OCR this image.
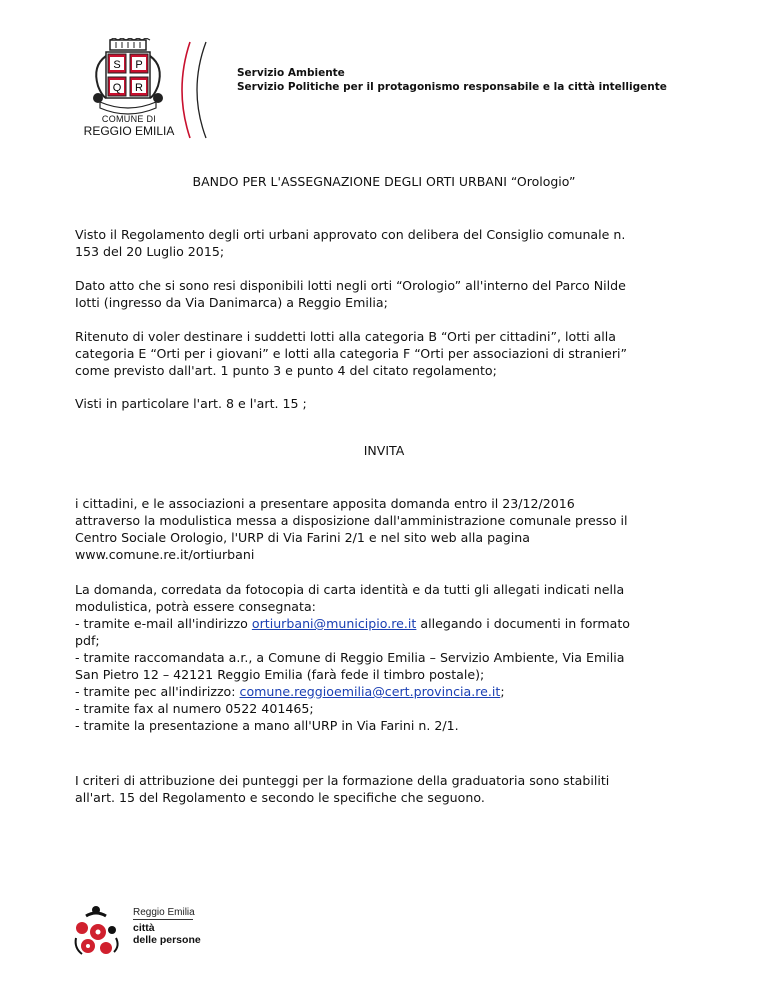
S P
Q R
COMUNE DI
REGGIO EMILIA
Servizio Ambiente
Servizio Politiche per il protagonismo responsabile e la città intelligente
BANDO PER L'ASSEGNAZIONE DEGLI ORTI URBANI “Orologio”

Visto il Regolamento degli orti urbani approvato con delibera del Consiglio comunale n.
153 del 20 Luglio 2015;

Dato atto che si sono resi disponibili lotti negli orti “Orologio” all'interno del Parco Nilde
Iotti (ingresso da Via Danimarca) a Reggio Emilia;

Ritenuto di voler destinare i suddetti lotti alla categoria B “Orti per cittadini”, lotti alla
categoria E “Orti per i giovani” e lotti alla categoria F “Orti per associazioni di stranieri”
come previsto dall'art. 1 punto 3 e punto 4 del citato regolamento;

Visti in particolare l'art. 8 e l'art. 15 ;

INVITA

i cittadini, e le associazioni a presentare apposita domanda entro il 23/12/2016
attraverso la modulistica messa a disposizione dall'amministrazione comunale presso il
Centro Sociale Orologio, l'URP di Via Farini 2/1 e nel sito web alla pagina
www.comune.re.it/ortiurbani

La domanda, corredata da fotocopia di carta identità e da tutti gli allegati indicati nella
modulistica, potrà essere consegnata:
- tramite e-mail all'indirizzo ortiurbani@municipio.re.it allegando i documenti in formato
pdf;
- tramite raccomandata a.r., a Comune di Reggio Emilia – Servizio Ambiente, Via Emilia
San Pietro 12 – 42121 Reggio Emilia (farà fede il timbro postale);
- tramite pec all'indirizzo: comune.reggioemilia@cert.provincia.re.it;
- tramite fax al numero 0522 401465;
- tramite la presentazione a mano all'URP in Via Farini n. 2/1.

I criteri di attribuzione dei punteggi per la formazione della graduatoria sono stabiliti
all'art. 15 del Regolamento e secondo le specifiche che seguono.

Reggio Emilia
città
delle persone
